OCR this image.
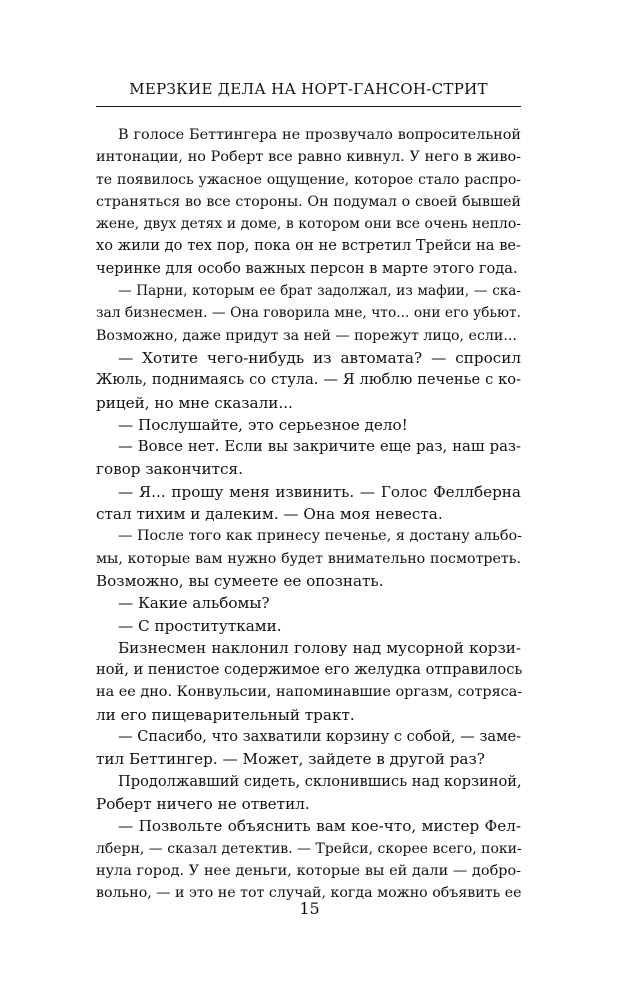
МЕРЗКИЕ ДЕЛА НА НОРТ-ГАНСОН-СТРИТ
В голосе Беттингера не прозвучало вопросительной
интонации, но Роберт все равно кивнул. У него в живо-
те появилось ужасное ощущение, которое стало распро-
страняться во все стороны. Он подумал о своей бывшей
жене, двух детях и доме, в котором они все очень непло-
хо жили до тех пор, пока он не встретил Трейси на ве-
черинке для особо важных персон в марте этого года.
— Парни, которым ее брат задолжал, из мафии, — ска-
зал бизнесмен. — Она говорила мне, что... они его убьют.
Возможно, даже придут за ней — порежут лицо, если...
— Хотите чего-нибудь из автомата? — спросил
Жюль, поднимаясь со стула. — Я люблю печенье с ко-
рицей, но мне сказали...
— Послушайте, это серьезное дело!
— Вовсе нет. Если вы закричите еще раз, наш раз-
говор закончится.
— Я... прошу меня извинить. — Голос Феллберна
стал тихим и далеким. — Она моя невеста.
— После того как принесу печенье, я достану альбо-
мы, которые вам нужно будет внимательно посмотреть.
Возможно, вы сумеете ее опознать.
— Какие альбомы?
— С проститутками.
Бизнесмен наклонил голову над мусорной корзи-
ной, и пенистое содержимое его желудка отправилось
на ее дно. Конвульсии, напоминавшие оргазм, сотряса-
ли его пищеварительный тракт.
— Спасибо, что захватили корзину с собой, — заме-
тил Беттингер. — Может, зайдете в другой раз?
Продолжавший сидеть, склонившись над корзиной,
Роберт ничего не ответил.
— Позвольте объяснить вам кое-что, мистер Фел-
лберн, — сказал детектив. — Трейси, скорее всего, поки-
нула город. У нее деньги, которые вы ей дали — добро-
вольно, — и это не тот случай, когда можно объявить ее
15
